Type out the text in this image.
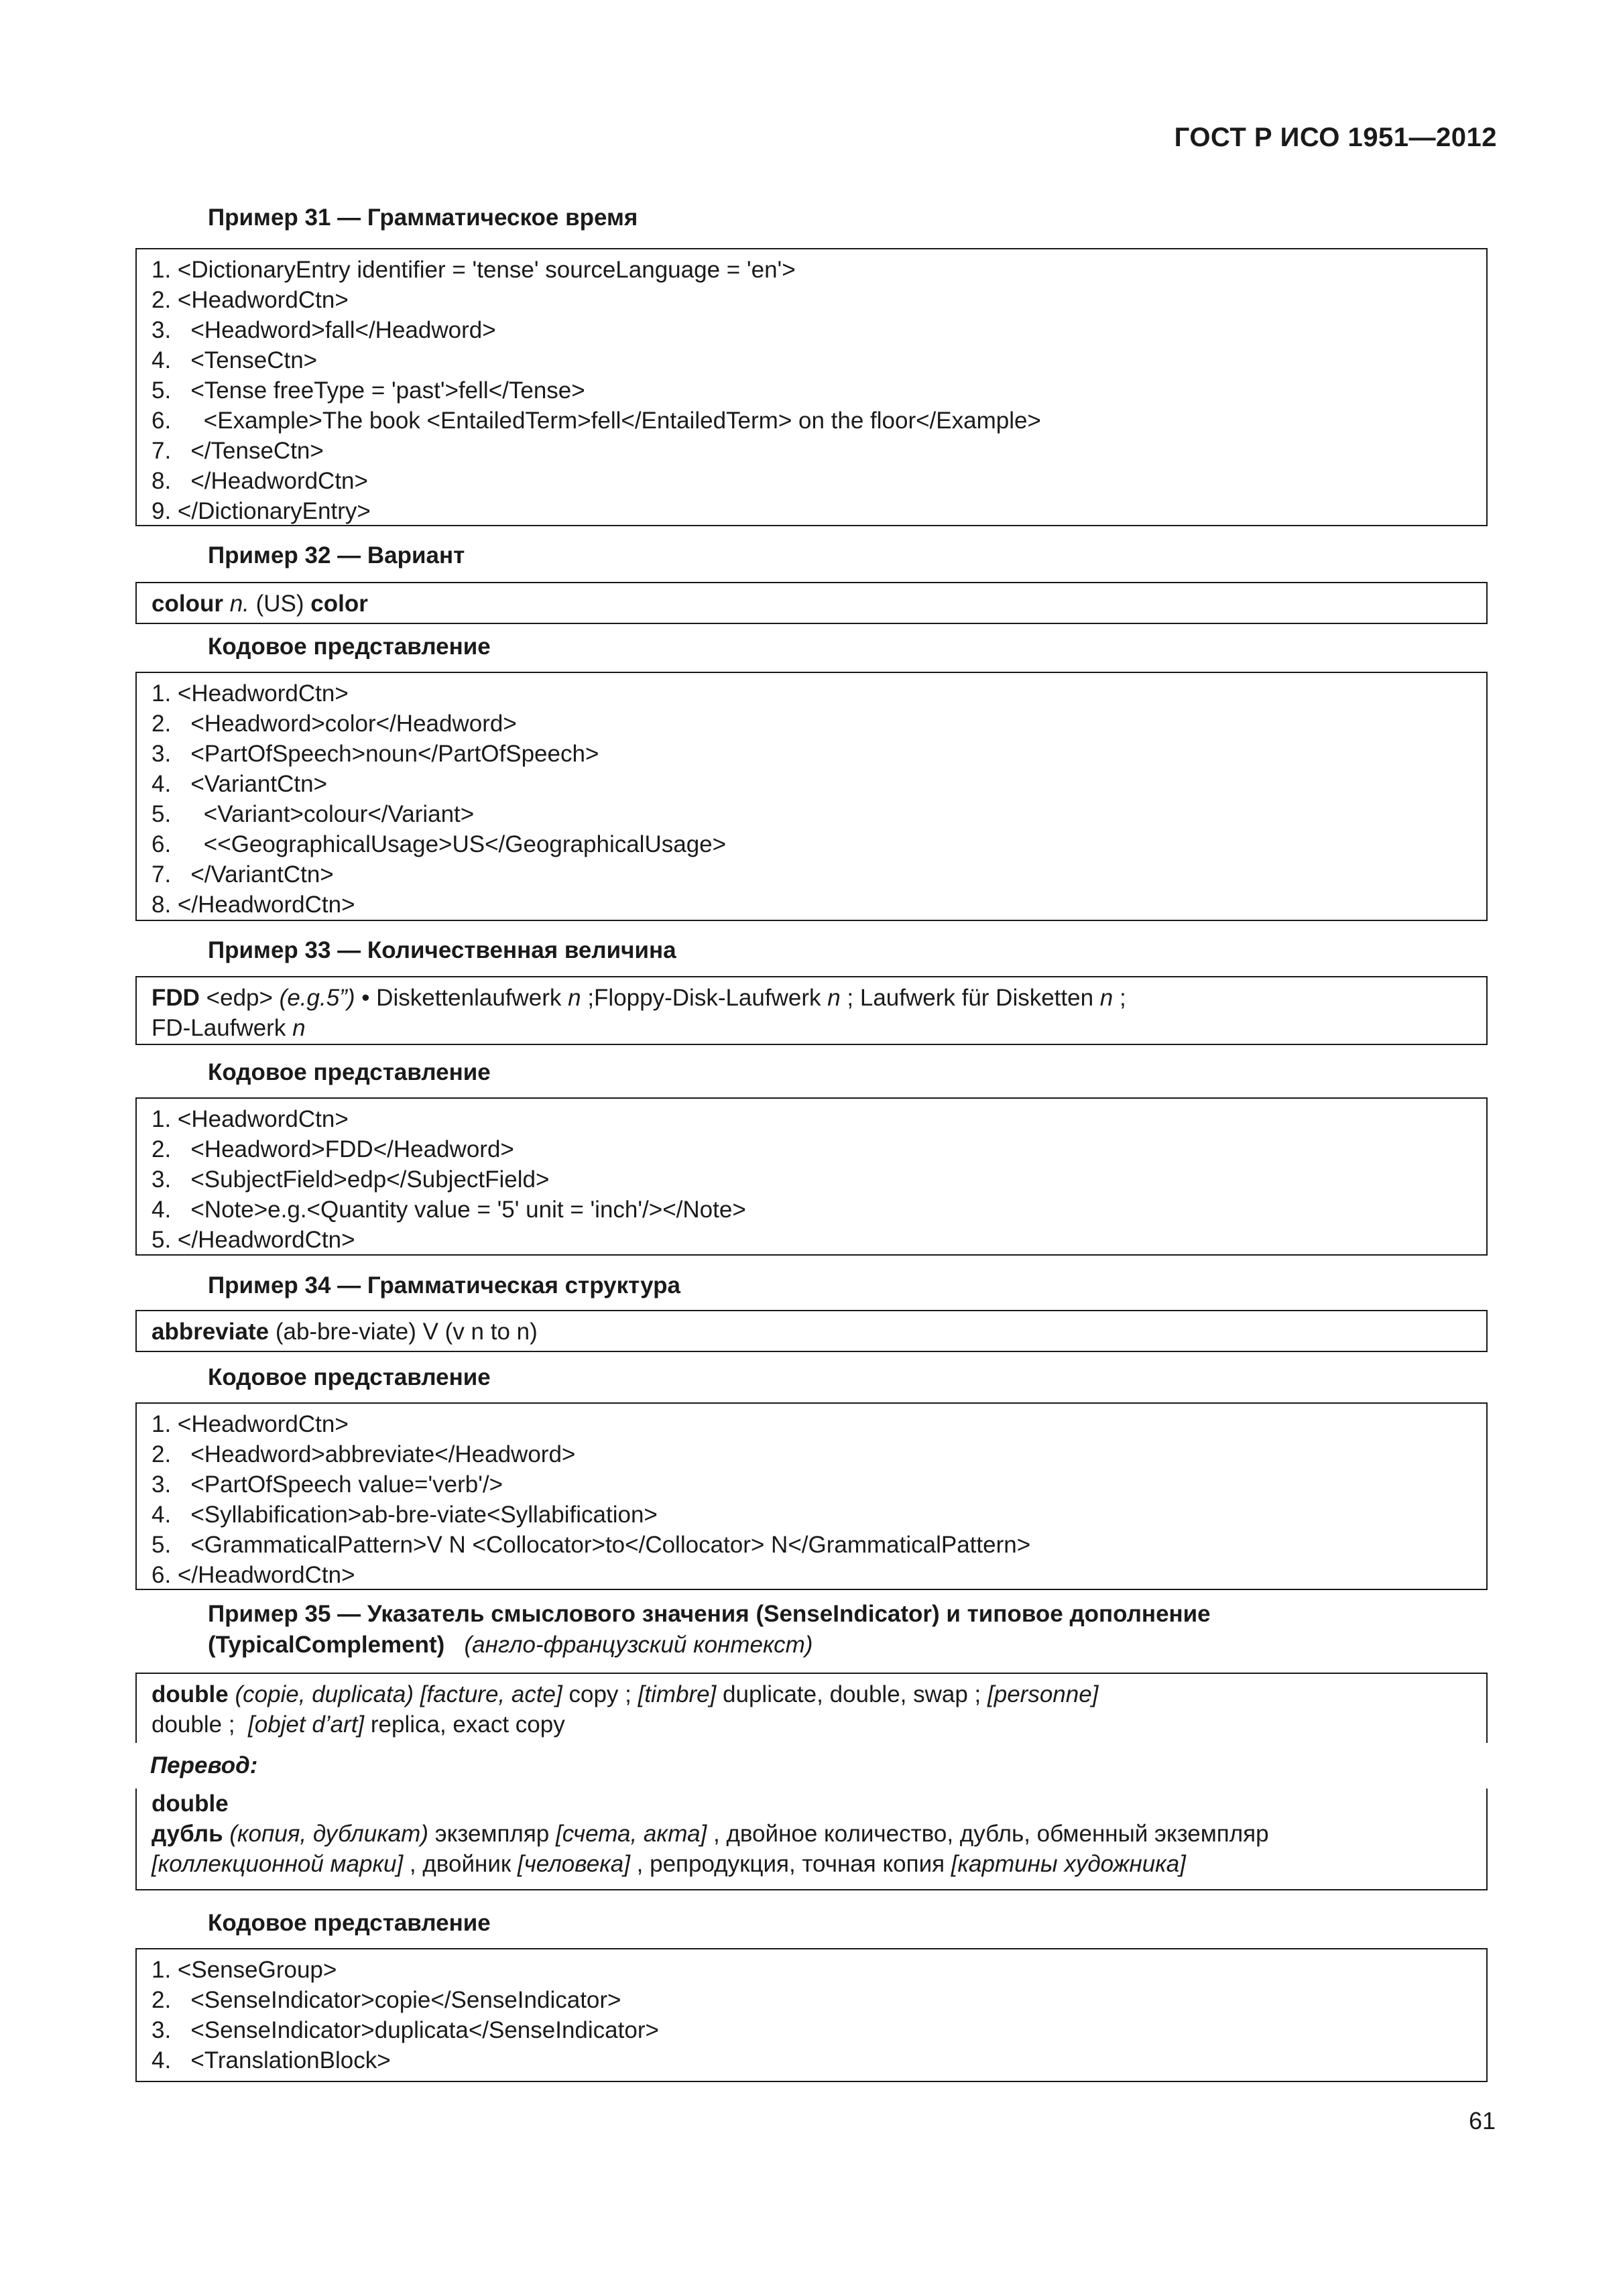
ГОСТ Р ИСО 1951—2012
Пример 31 — Грамматическое время
1. <DictionaryEntry identifier = 'tense' sourceLanguage = 'en'>
2. <HeadwordCtn>
3.   <Headword>fall</Headword>
4.   <TenseCtn>
5.   <Tense freeType = 'past'>fell</Tense>
6.     <Example>The book <EntailedTerm>fell</EntailedTerm> on the floor</Example>
7.   </TenseCtn>
8.   </HeadwordCtn>
9. </DictionaryEntry>
Пример 32 — Вариант
colour n. (US) color
Кодовое представление
1. <HeadwordCtn>
2.   <Headword>color</Headword>
3.   <PartOfSpeech>noun</PartOfSpeech>
4.   <VariantCtn>
5.     <Variant>colour</Variant>
6.     <<GeographicalUsage>US</GeographicalUsage>
7.   </VariantCtn>
8. </HeadwordCtn>
Пример 33 — Количественная величина
FDD <edp> (e.g.5”) • Diskettenlaufwerk n ;Floppy-Disk-Laufwerk n ; Laufwerk für Disketten n ;
FD-Laufwerk n
Кодовое представление
1. <HeadwordCtn>
2.   <Headword>FDD</Headword>
3.   <SubjectField>edp</SubjectField>
4.   <Note>e.g.<Quantity value = '5' unit = 'inch'/></Note>
5. </HeadwordCtn>
Пример 34 — Грамматическая структура
abbreviate (ab-bre-viate) V (v n to n)
Кодовое представление
1. <HeadwordCtn>
2.   <Headword>abbreviate</Headword>
3.   <PartOfSpeech value='verb'/>
4.   <Syllabification>ab-bre-viate<Syllabification>
5.   <GrammaticalPattern>V N <Collocator>to</Collocator> N</GrammaticalPattern>
6. </HeadwordCtn>
Пример 35 — Указатель смыслового значения (SenseIndicator) и типовое дополнение
(TypicalComplement) (англо-французский контекст)
double (copie, duplicata) [facture, acte] copy ; [timbre] duplicate, double, swap ; [personne]
double ;  [objet d’art] replica, exact copy
Перевод:
double
дубль (копия, дубликат) экземпляр [счета, акта] , двойное количество, дубль, обменный экземпляр
[коллекционной марки] , двойник [человека] , репродукция, точная копия [картины художника]
Кодовое представление
1. <SenseGroup>
2.   <SenseIndicator>copie</SenseIndicator>
3.   <SenseIndicator>duplicata</SenseIndicator>
4.   <TranslationBlock>
61
